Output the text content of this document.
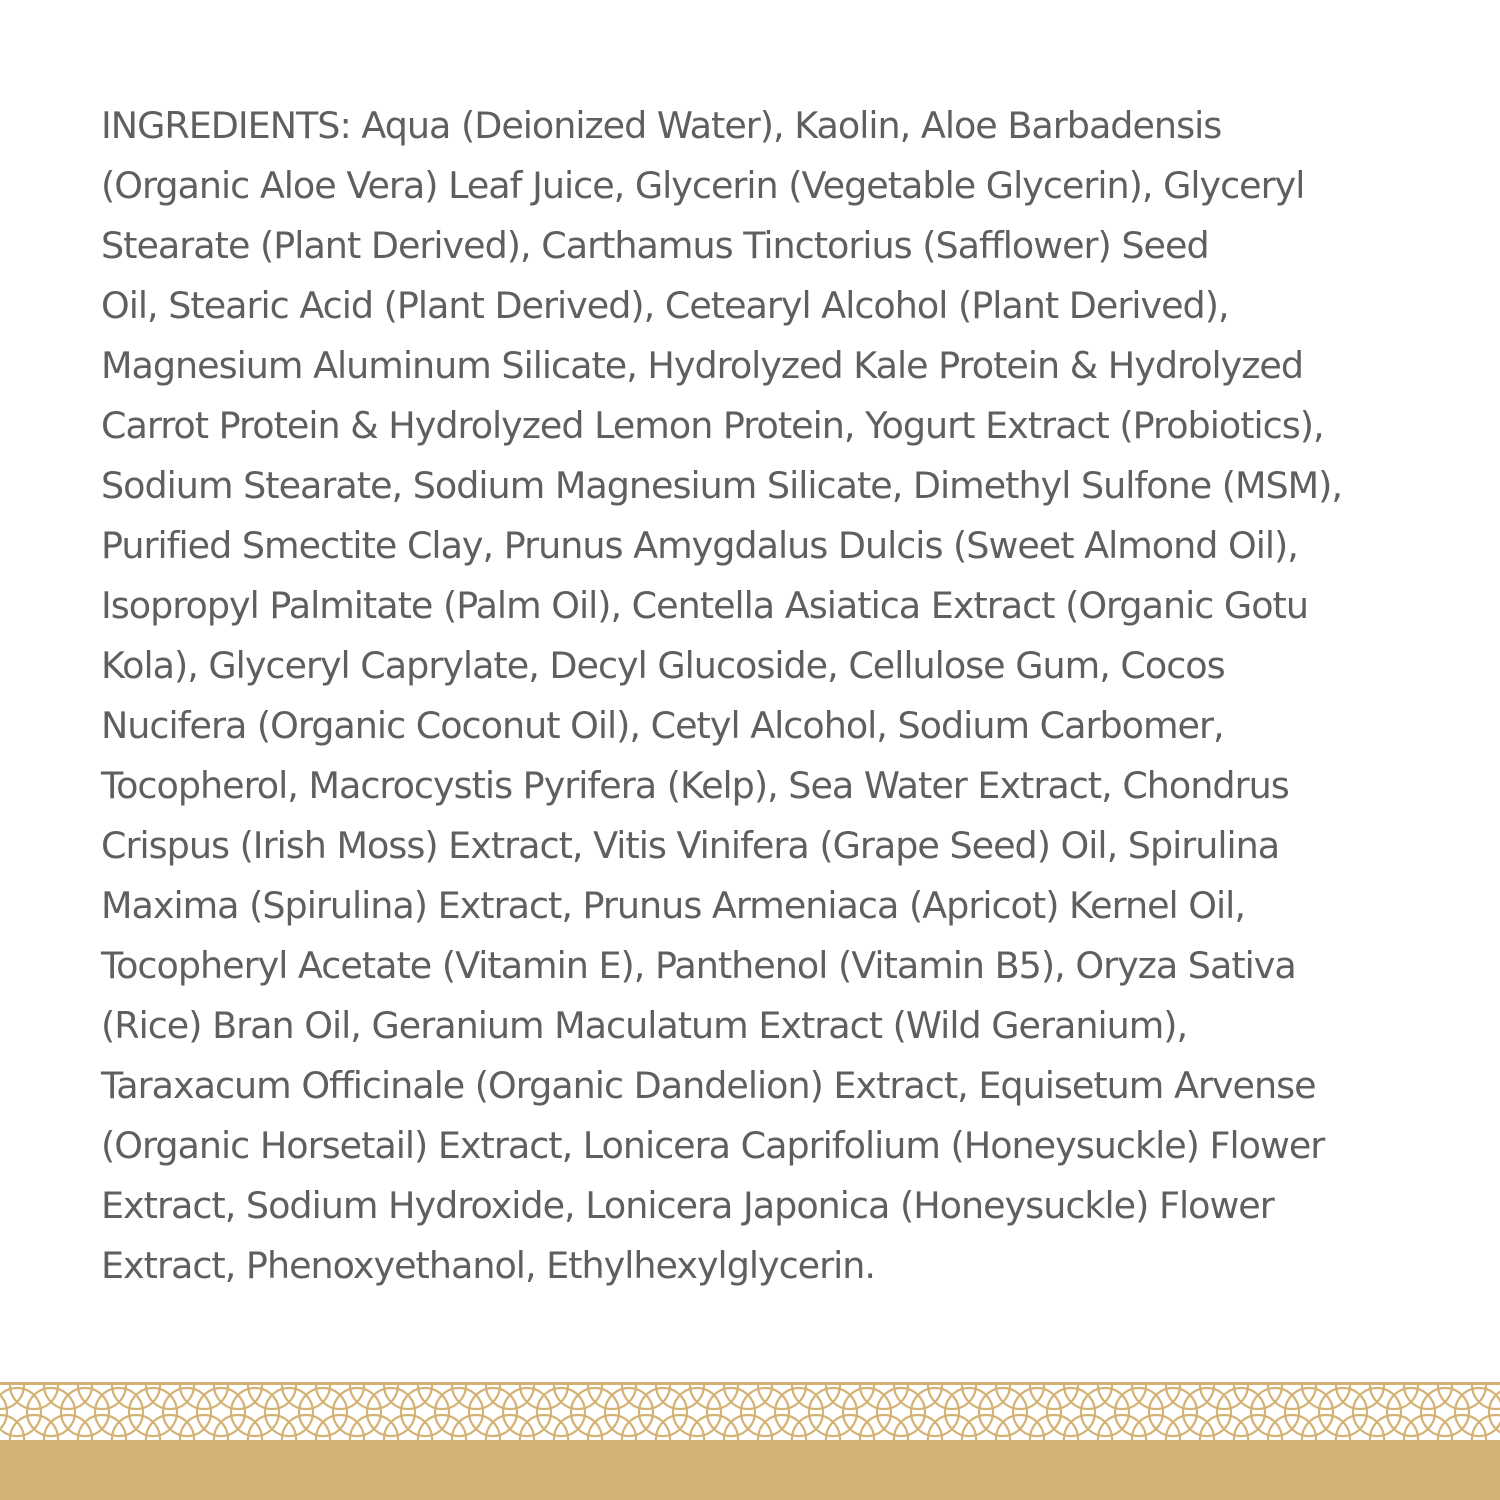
INGREDIENTS: Aqua (Deionized Water), Kaolin, Aloe Barbadensis
(Organic Aloe Vera) Leaf Juice, Glycerin (Vegetable Glycerin), Glyceryl
Stearate (Plant Derived), Carthamus Tinctorius (Safflower) Seed
Oil, Stearic Acid (Plant Derived), Cetearyl Alcohol (Plant Derived),
Magnesium Aluminum Silicate, Hydrolyzed Kale Protein & Hydrolyzed
Carrot Protein & Hydrolyzed Lemon Protein, Yogurt Extract (Probiotics),
Sodium Stearate, Sodium Magnesium Silicate, Dimethyl Sulfone (MSM),
Purified Smectite Clay, Prunus Amygdalus Dulcis (Sweet Almond Oil),
Isopropyl Palmitate (Palm Oil), Centella Asiatica Extract (Organic Gotu
Kola), Glyceryl Caprylate, Decyl Glucoside, Cellulose Gum, Cocos
Nucifera (Organic Coconut Oil), Cetyl Alcohol, Sodium Carbomer,
Tocopherol, Macrocystis Pyrifera (Kelp), Sea Water Extract, Chondrus
Crispus (Irish Moss) Extract, Vitis Vinifera (Grape Seed) Oil, Spirulina
Maxima (Spirulina) Extract, Prunus Armeniaca (Apricot) Kernel Oil,
Tocopheryl Acetate (Vitamin E), Panthenol (Vitamin B5), Oryza Sativa
(Rice) Bran Oil, Geranium Maculatum Extract (Wild Geranium),
Taraxacum Officinale (Organic Dandelion) Extract, Equisetum Arvense
(Organic Horsetail) Extract, Lonicera Caprifolium (Honeysuckle) Flower
Extract, Sodium Hydroxide, Lonicera Japonica (Honeysuckle) Flower
Extract, Phenoxyethanol, Ethylhexylglycerin.
